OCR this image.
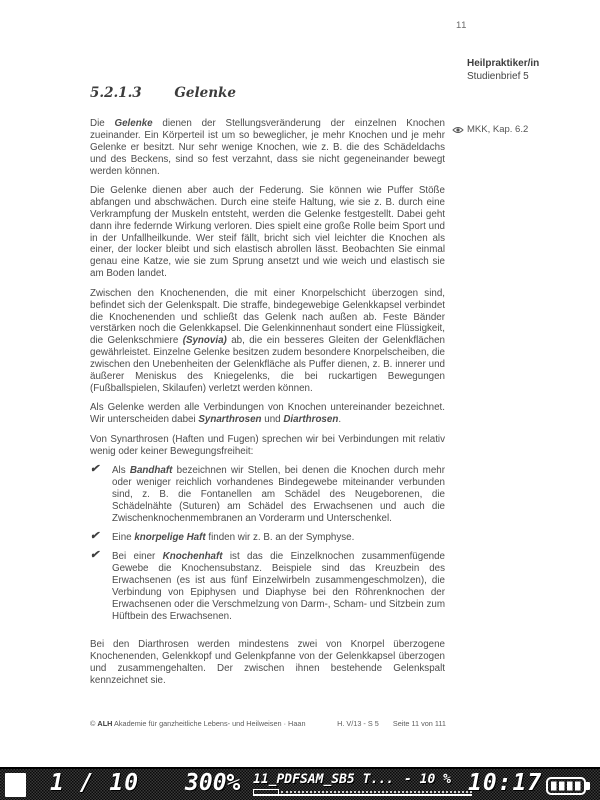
11
Heilpraktiker/in
Studienbrief 5
MKK, Kap. 6.2
5.2.1.3 Gelenke

Die Gelenke dienen der Stellungsveränderung der einzelnen Knochen zueinander. Ein Körperteil ist um so beweglicher, je mehr Knochen und je mehr Gelenke er besitzt. Nur sehr wenige Knochen, wie z. B. die des Schädeldachs und des Beckens, sind so fest verzahnt, dass sie nicht gegeneinander bewegt werden können.

Die Gelenke dienen aber auch der Federung. Sie können wie Puffer Stöße abfangen und abschwächen. Durch eine steife Haltung, wie sie z. B. durch eine Verkrampfung der Muskeln entsteht, werden die Gelenke festgestellt. Dabei geht dann ihre federnde Wirkung verloren. Dies spielt eine große Rolle beim Sport und in der Unfallheilkunde. Wer steif fällt, bricht sich viel leichter die Knochen als einer, der locker bleibt und sich elastisch abrollen lässt. Beobachten Sie einmal genau eine Katze, wie sie zum Sprung ansetzt und wie weich und elastisch sie am Boden landet.

Zwischen den Knochenenden, die mit einer Knorpelschicht überzogen sind, befindet sich der Gelenkspalt. Die straffe, bindegewebige Gelenkkapsel verbindet die Knochenenden und schließt das Gelenk nach außen ab. Feste Bänder verstärken noch die Gelenkkapsel. Die Gelenkinnenhaut sondert eine Flüssigkeit, die Gelenkschmiere (Synovia) ab, die ein besseres Gleiten der Gelenkflächen gewährleistet. Einzelne Gelenke besitzen zudem besondere Knorpelscheiben, die zwischen den Unebenheiten der Gelenkfläche als Puffer dienen, z. B. innerer und äußerer Meniskus des Kniegelenks, die bei ruckartigen Bewegungen (Fußballspielen, Skilaufen) verletzt werden können.

Als Gelenke werden alle Verbindungen von Knochen untereinander bezeichnet. Wir unterscheiden dabei Synarthrosen und Diarthrosen.

Von Synarthrosen (Haften und Fugen) sprechen wir bei Verbindungen mit relativ wenig oder keiner Bewegungsfreiheit:

✔ Als Bandhaft bezeichnen wir Stellen, bei denen die Knochen durch mehr oder weniger reichlich vorhandenes Bindegewebe miteinander verbunden sind, z. B. die Fontanellen am Schädel des Neugeborenen, die Schädelnähte (Suturen) am Schädel des Erwachsenen und auch die Zwischenknochenmembranen an Vorderarm und Unterschenkel.
✔ Eine knorpelige Haft finden wir z. B. an der Symphyse.
✔ Bei einer Knochenhaft ist das die Einzelknochen zusammenfügende Gewebe die Knochensubstanz. Beispiele sind das Kreuzbein des Erwachsenen (es ist aus fünf Einzelwirbeln zusammengeschmolzen), die Verbindung von Epiphysen und Diaphyse bei den Röhrenknochen der Erwachsenen oder die Verschmelzung von Darm-, Scham- und Sitzbein zum Hüftbein des Erwachsenen.

Bei den Diarthrosen werden mindestens zwei von Knorpel überzogene Knochenenden, Gelenkkopf und Gelenkpfanne von der Gelenkkapsel überzogen und zusammengehalten. Der zwischen ihnen bestehende Gelenkspalt kennzeichnet sie.

© ALH Akademie für ganzheitliche Lebens- und Heilweisen · Haan	H. V/13 - S 5 Seite 11 von 111
1 / 10 300% 11_PDFSAM_SB5 T... - 10 % 10:17
